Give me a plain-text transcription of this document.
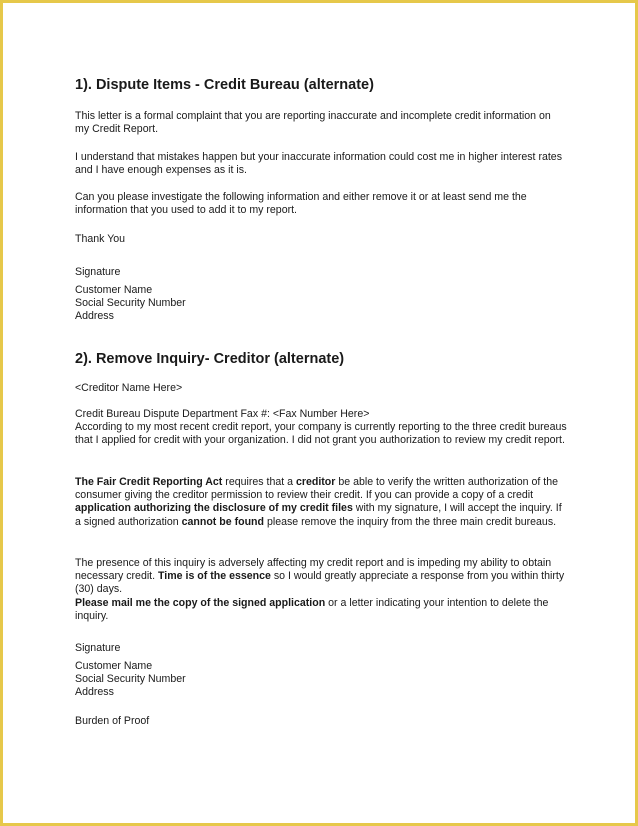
1). Dispute Items - Credit Bureau (alternate)

This letter is a formal complaint that you are reporting inaccurate and incomplete credit information on my Credit Report.

I understand that mistakes happen but your inaccurate information could cost me in higher interest rates and I have enough expenses as it is.

Can you please investigate the following information and either remove it or at least send me the information that you used to add it to my report.

Thank You
Signature

Customer Name

Social Security Number

Address

2). Remove Inquiry- Creditor (alternate)
<Creditor Name Here>

Credit Bureau Dispute Department Fax #: <Fax Number Here>

According to my most recent credit report, your company is currently reporting to the three credit bureaus that I applied for credit with your organization. I did not grant you authorization to review my credit report.

The Fair Credit Reporting Act requires that a creditor be able to verify the written authorization of the consumer giving the creditor permission to review their credit. If you can provide a copy of a credit application authorizing the disclosure of my credit files with my signature, I will accept the inquiry. If a signed authorization cannot be found please remove the inquiry from the three main credit bureaus.

The presence of this inquiry is adversely affecting my credit report and is impeding my ability to obtain necessary credit. Time is of the essence so I would greatly appreciate a response from you within thirty (30) days.

Please mail me the copy of the signed application or a letter indicating your intention to delete the inquiry.

Signature

Customer Name

Social Security Number

Address

Burden of Proof
